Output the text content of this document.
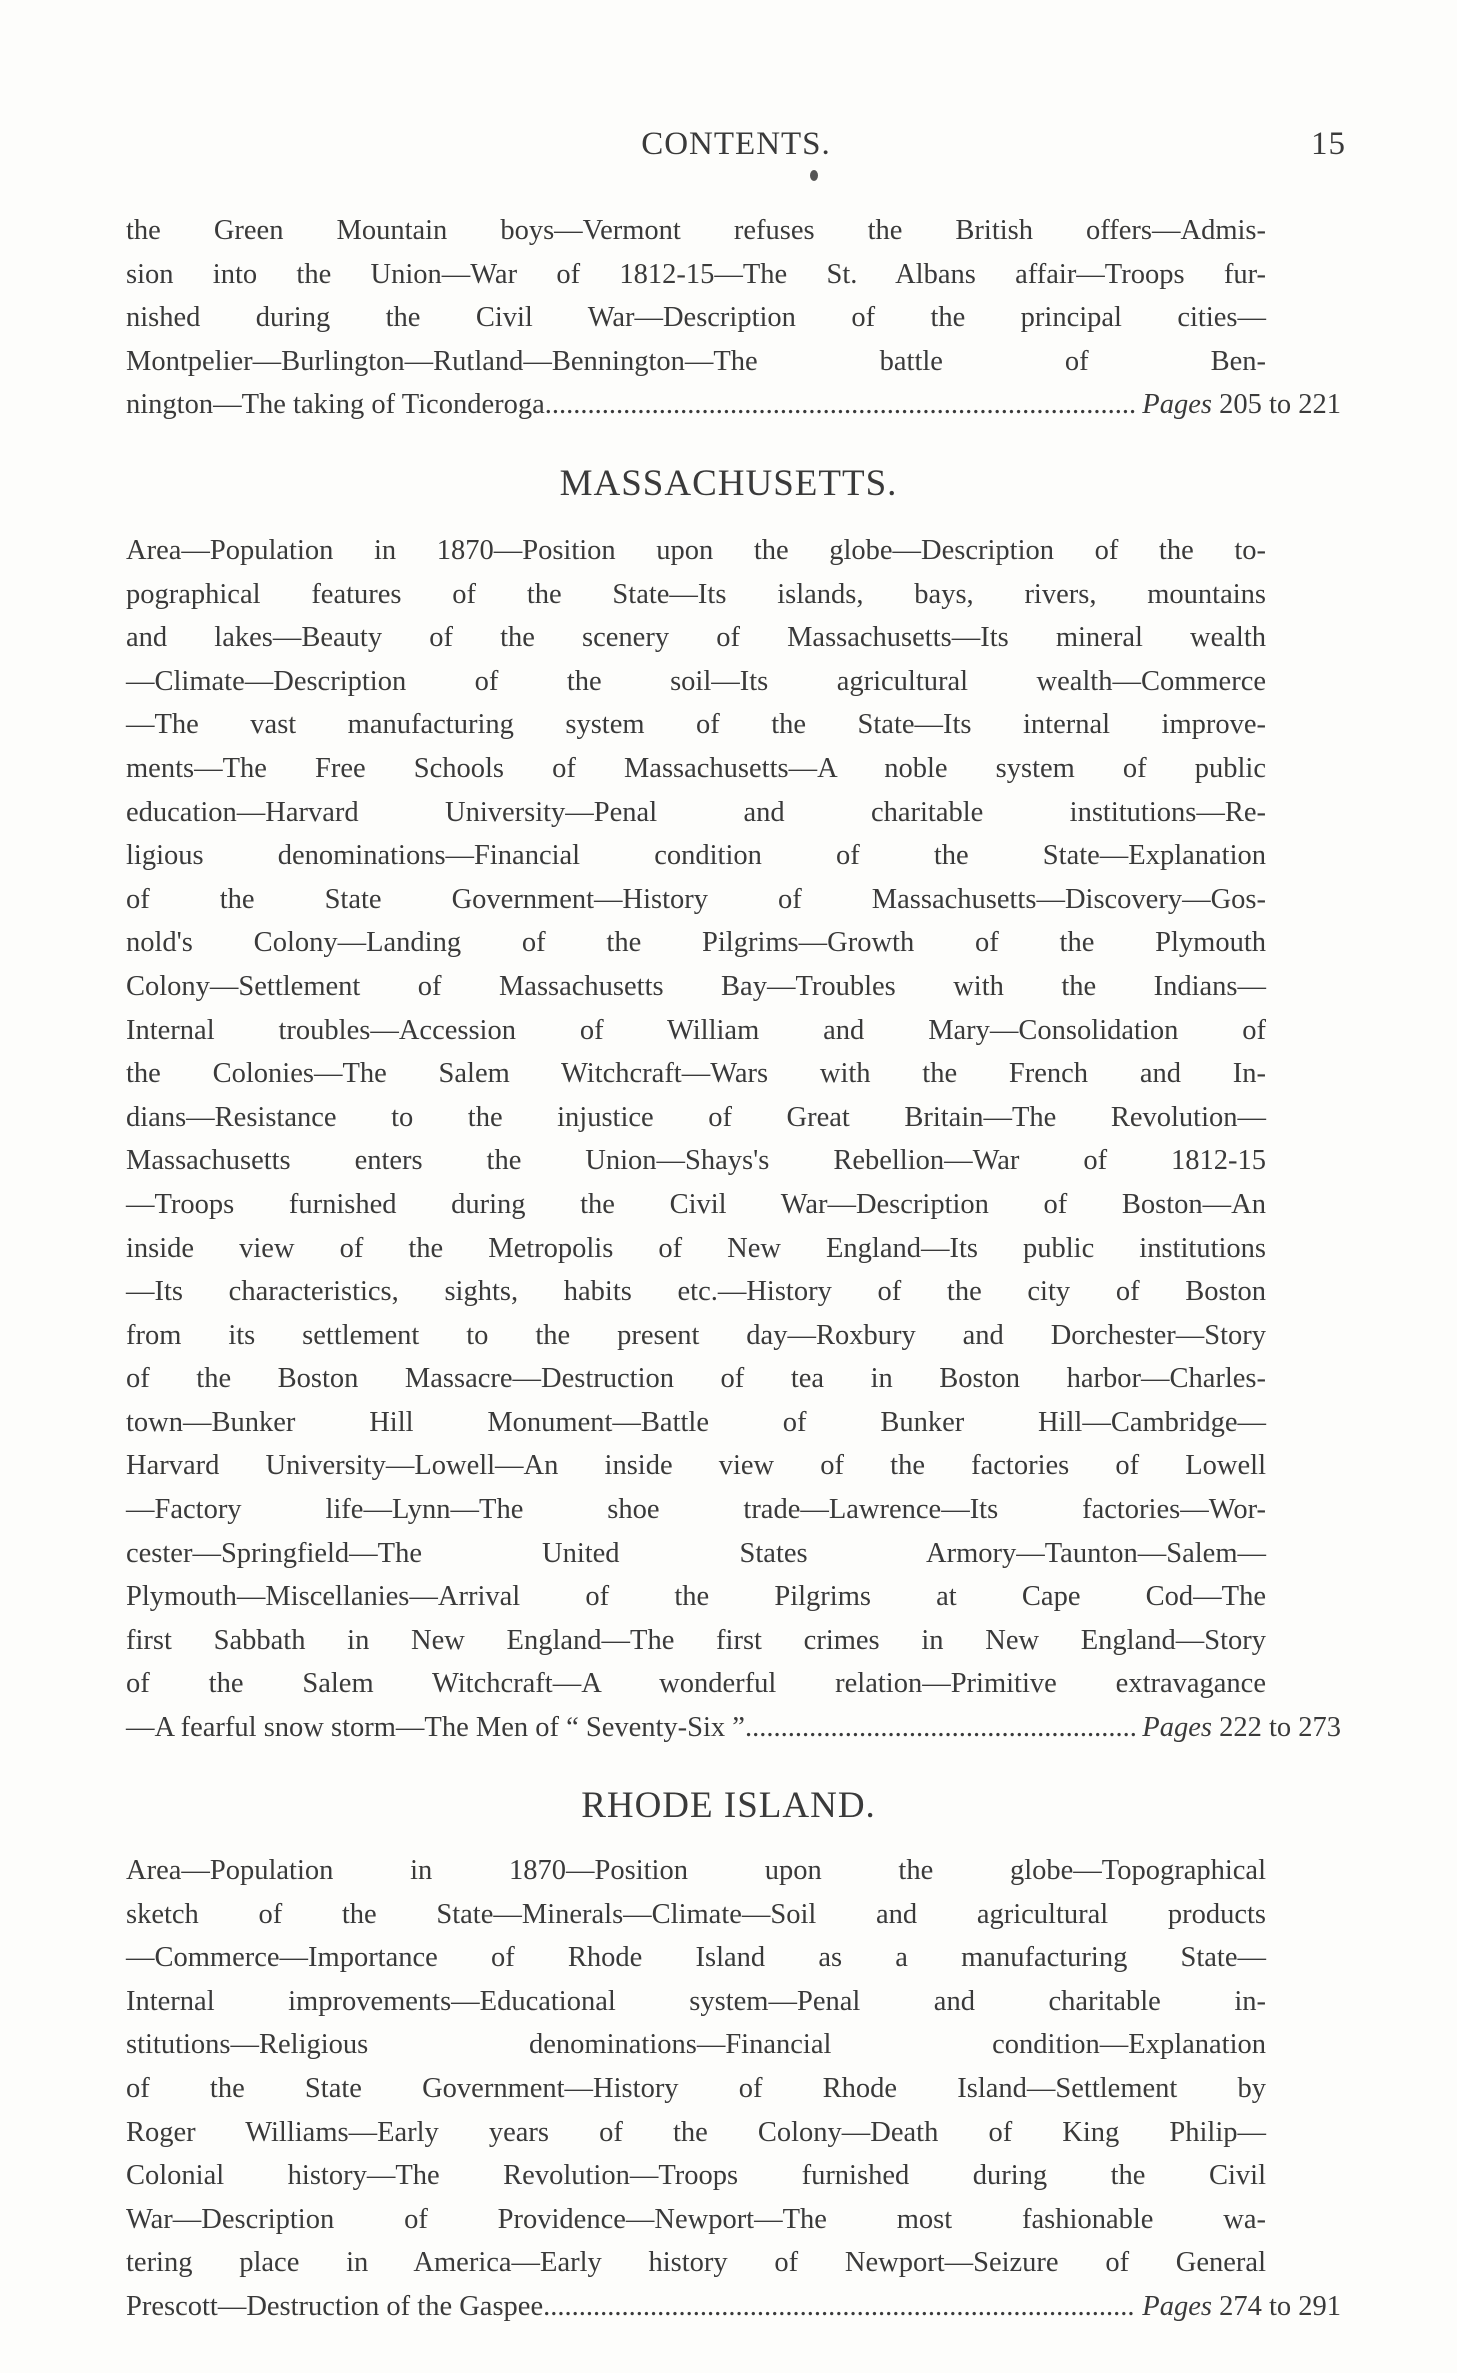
CONTENTS.	15
the Green Mountain boys—Vermont refuses the British offers—Admis-
sion into the Union—War of 1812-15—The St. Albans affair—Troops fur-
nished during the Civil War—Description of the principal cities—
Montpelier—Burlington—Rutland—Bennington—The battle of Ben-
nington—The taking of Ticonderoga................................................................................... Pages 205 to 221
MASSACHUSETTS.
Area—Population in 1870—Position upon the globe—Description of the to-
pographical features of the State—Its islands, bays, rivers, mountains
and lakes—Beauty of the scenery of Massachusetts—Its mineral wealth
—Climate—Description of the soil—Its agricultural wealth—Commerce
—The vast manufacturing system of the State—Its internal improve-
ments—The Free Schools of Massachusetts—A noble system of public
education—Harvard University—Penal and charitable institutions—Re-
ligious denominations—Financial condition of the State—Explanation
of the State Government—History of Massachusetts—Discovery—Gos-
nold's Colony—Landing of the Pilgrims—Growth of the Plymouth
Colony—Settlement of Massachusetts Bay—Troubles with the Indians—
Internal troubles—Accession of William and Mary—Consolidation of
the Colonies—The Salem Witchcraft—Wars with the French and In-
dians—Resistance to the injustice of Great Britain—The Revolution—
Massachusetts enters the Union—Shays's Rebellion—War of 1812-15
—Troops furnished during the Civil War—Description of Boston—An
inside view of the Metropolis of New England—Its public institutions
—Its characteristics, sights, habits etc.—History of the city of Boston
from its settlement to the present day—Roxbury and Dorchester—Story
of the Boston Massacre—Destruction of tea in Boston harbor—Charles-
town—Bunker Hill Monument—Battle of Bunker Hill—Cambridge—
Harvard University—Lowell—An inside view of the factories of Lowell
—Factory life—Lynn—The shoe trade—Lawrence—Its factories—Wor-
cester—Springfield—The United States Armory—Taunton—Salem—
Plymouth—Miscellanies—Arrival of the Pilgrims at Cape Cod—The
first Sabbath in New England—The first crimes in New England—Story
of the Salem Witchcraft—A wonderful relation—Primitive extravagance
—A fearful snow storm—The Men of “ Seventy-Six ”....................................................... Pages 222 to 273
RHODE ISLAND.
Area—Population in 1870—Position upon the globe—Topographical
sketch of the State—Minerals—Climate—Soil and agricultural products
—Commerce—Importance of Rhode Island as a manufacturing State—
Internal improvements—Educational system—Penal and charitable in-
stitutions—Religious denominations—Financial condition—Explanation
of the State Government—History of Rhode Island—Settlement by
Roger Williams—Early years of the Colony—Death of King Philip—
Colonial history—The Revolution—Troops furnished during the Civil
War—Description of Providence—Newport—The most fashionable wa-
tering place in America—Early history of Newport—Seizure of General
Prescott—Destruction of the Gaspee................................................................................... Pages 274 to 291
